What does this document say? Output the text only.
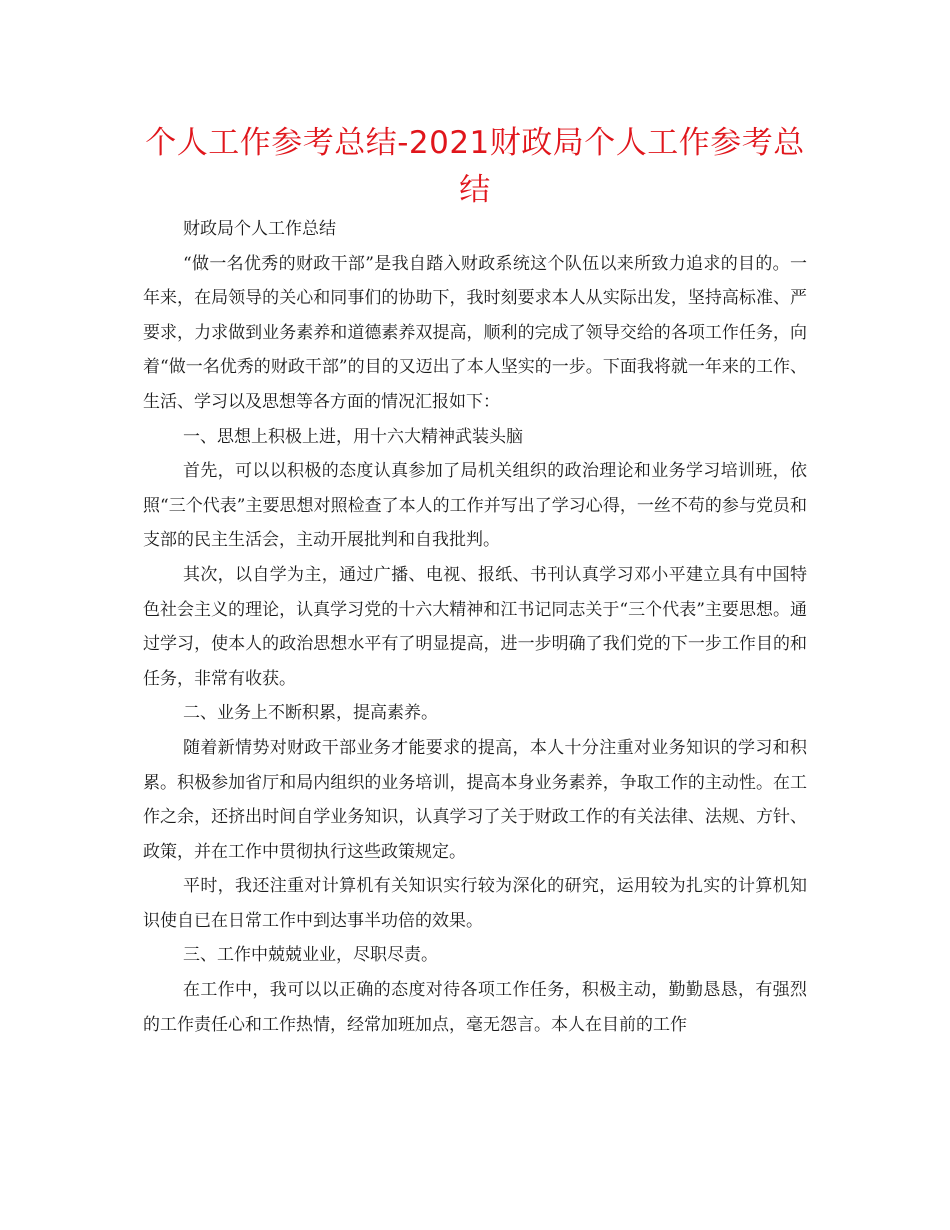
个人工作参考总结-2021财政局个人工作参考总结

财政局个人工作总结

“做一名优秀的财政干部”是我自踏入财政系统这个队伍以来所致力追求的目的。一年来，在局领导的关心和同事们的协助下，我时刻要求本人从实际出发，坚持高标准、严要求，力求做到业务素养和道德素养双提高，顺利的完成了领导交给的各项工作任务，向着“做一名优秀的财政干部”的目的又迈出了本人坚实的一步。下面我将就一年来的工作、生活、学习以及思想等各方面的情况汇报如下：

一、思想上积极上进，用十六大精神武装头脑

首先，可以以积极的态度认真参加了局机关组织的政治理论和业务学习培训班，依照“三个代表”主要思想对照检查了本人的工作并写出了学习心得，一丝不苟的参与党员和支部的民主生活会，主动开展批判和自我批判。

其次，以自学为主，通过广播、电视、报纸、书刊认真学习邓小平建立具有中国特色社会主义的理论，认真学习党的十六大精神和江书记同志关于“三个代表”主要思想。通过学习，使本人的政治思想水平有了明显提高，进一步明确了我们党的下一步工作目的和任务，非常有收获。

二、业务上不断积累，提高素养。

随着新情势对财政干部业务才能要求的提高，本人十分注重对业务知识的学习和积累。积极参加省厅和局内组织的业务培训，提高本身业务素养，争取工作的主动性。在工作之余，还挤出时间自学业务知识，认真学习了关于财政工作的有关法律、法规、方针、政策，并在工作中贯彻执行这些政策规定。

平时，我还注重对计算机有关知识实行较为深化的研究，运用较为扎实的计算机知识使自已在日常工作中到达事半功倍的效果。

三、工作中兢兢业业，尽职尽责。

在工作中，我可以以正确的态度对待各项工作任务，积极主动，勤勤恳恳，有强烈的工作责任心和工作热情，经常加班加点，毫无怨言。本人在目前的工作
